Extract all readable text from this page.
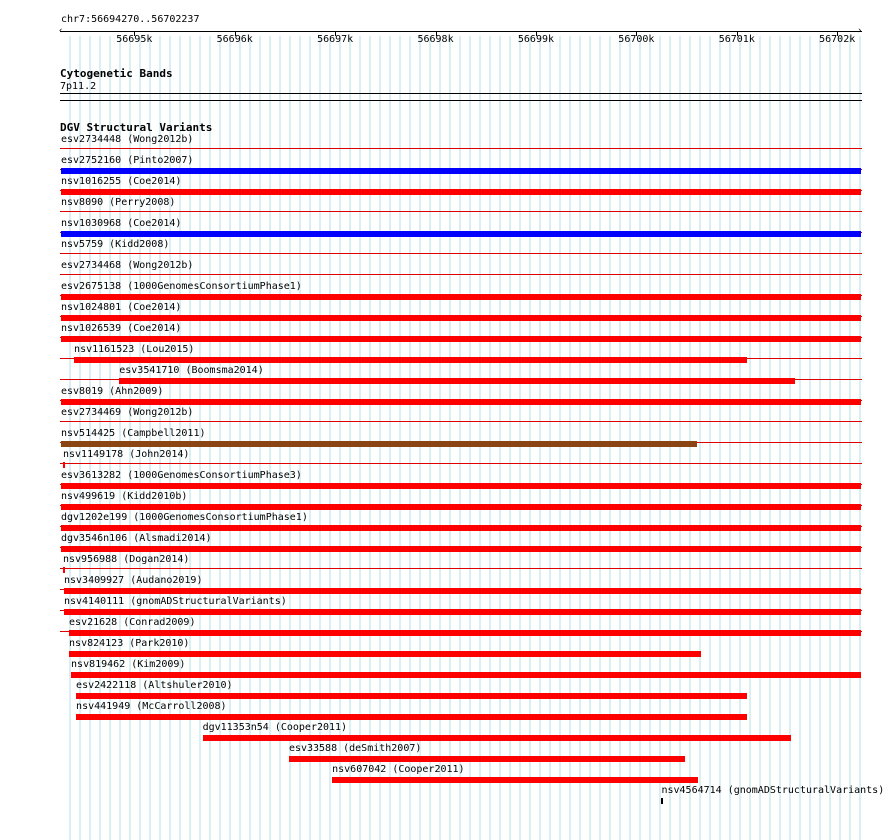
chr7:56694270..56702237
‹	›
56695k	56696k	56697k	56698k	56699k	56700k	56701k	56702k
Cytogenetic Bands
7p11.2
DGV Structural Variants
esv2734448 (Wong2012b)
esv2752160 (Pinto2007)
nsv1016255 (Coe2014)
nsv8090 (Perry2008)
nsv1030968 (Coe2014)
nsv5759 (Kidd2008)
esv2734468 (Wong2012b)
esv2675138 (1000GenomesConsortiumPhase1)
nsv1024801 (Coe2014)
nsv1026539 (Coe2014)
nsv1161523 (Lou2015)
esv3541710 (Boomsma2014)
esv8019 (Ahn2009)
esv2734469 (Wong2012b)
nsv514425 (Campbell2011)
nsv1149178 (John2014)
esv3613282 (1000GenomesConsortiumPhase3)
nsv499619 (Kidd2010b)
dgv1202e199 (1000GenomesConsortiumPhase1)
dgv3546n106 (Alsmadi2014)
nsv956988 (Dogan2014)
nsv3409927 (Audano2019)
nsv4140111 (gnomADStructuralVariants)
esv21628 (Conrad2009)
nsv824123 (Park2010)
nsv819462 (Kim2009)
esv2422118 (Altshuler2010)
nsv441949 (McCarroll2008)
dgv11353n54 (Cooper2011)
esv33588 (deSmith2007)
nsv607042 (Cooper2011)
nsv4564714 (gnomADStructuralVariants)
